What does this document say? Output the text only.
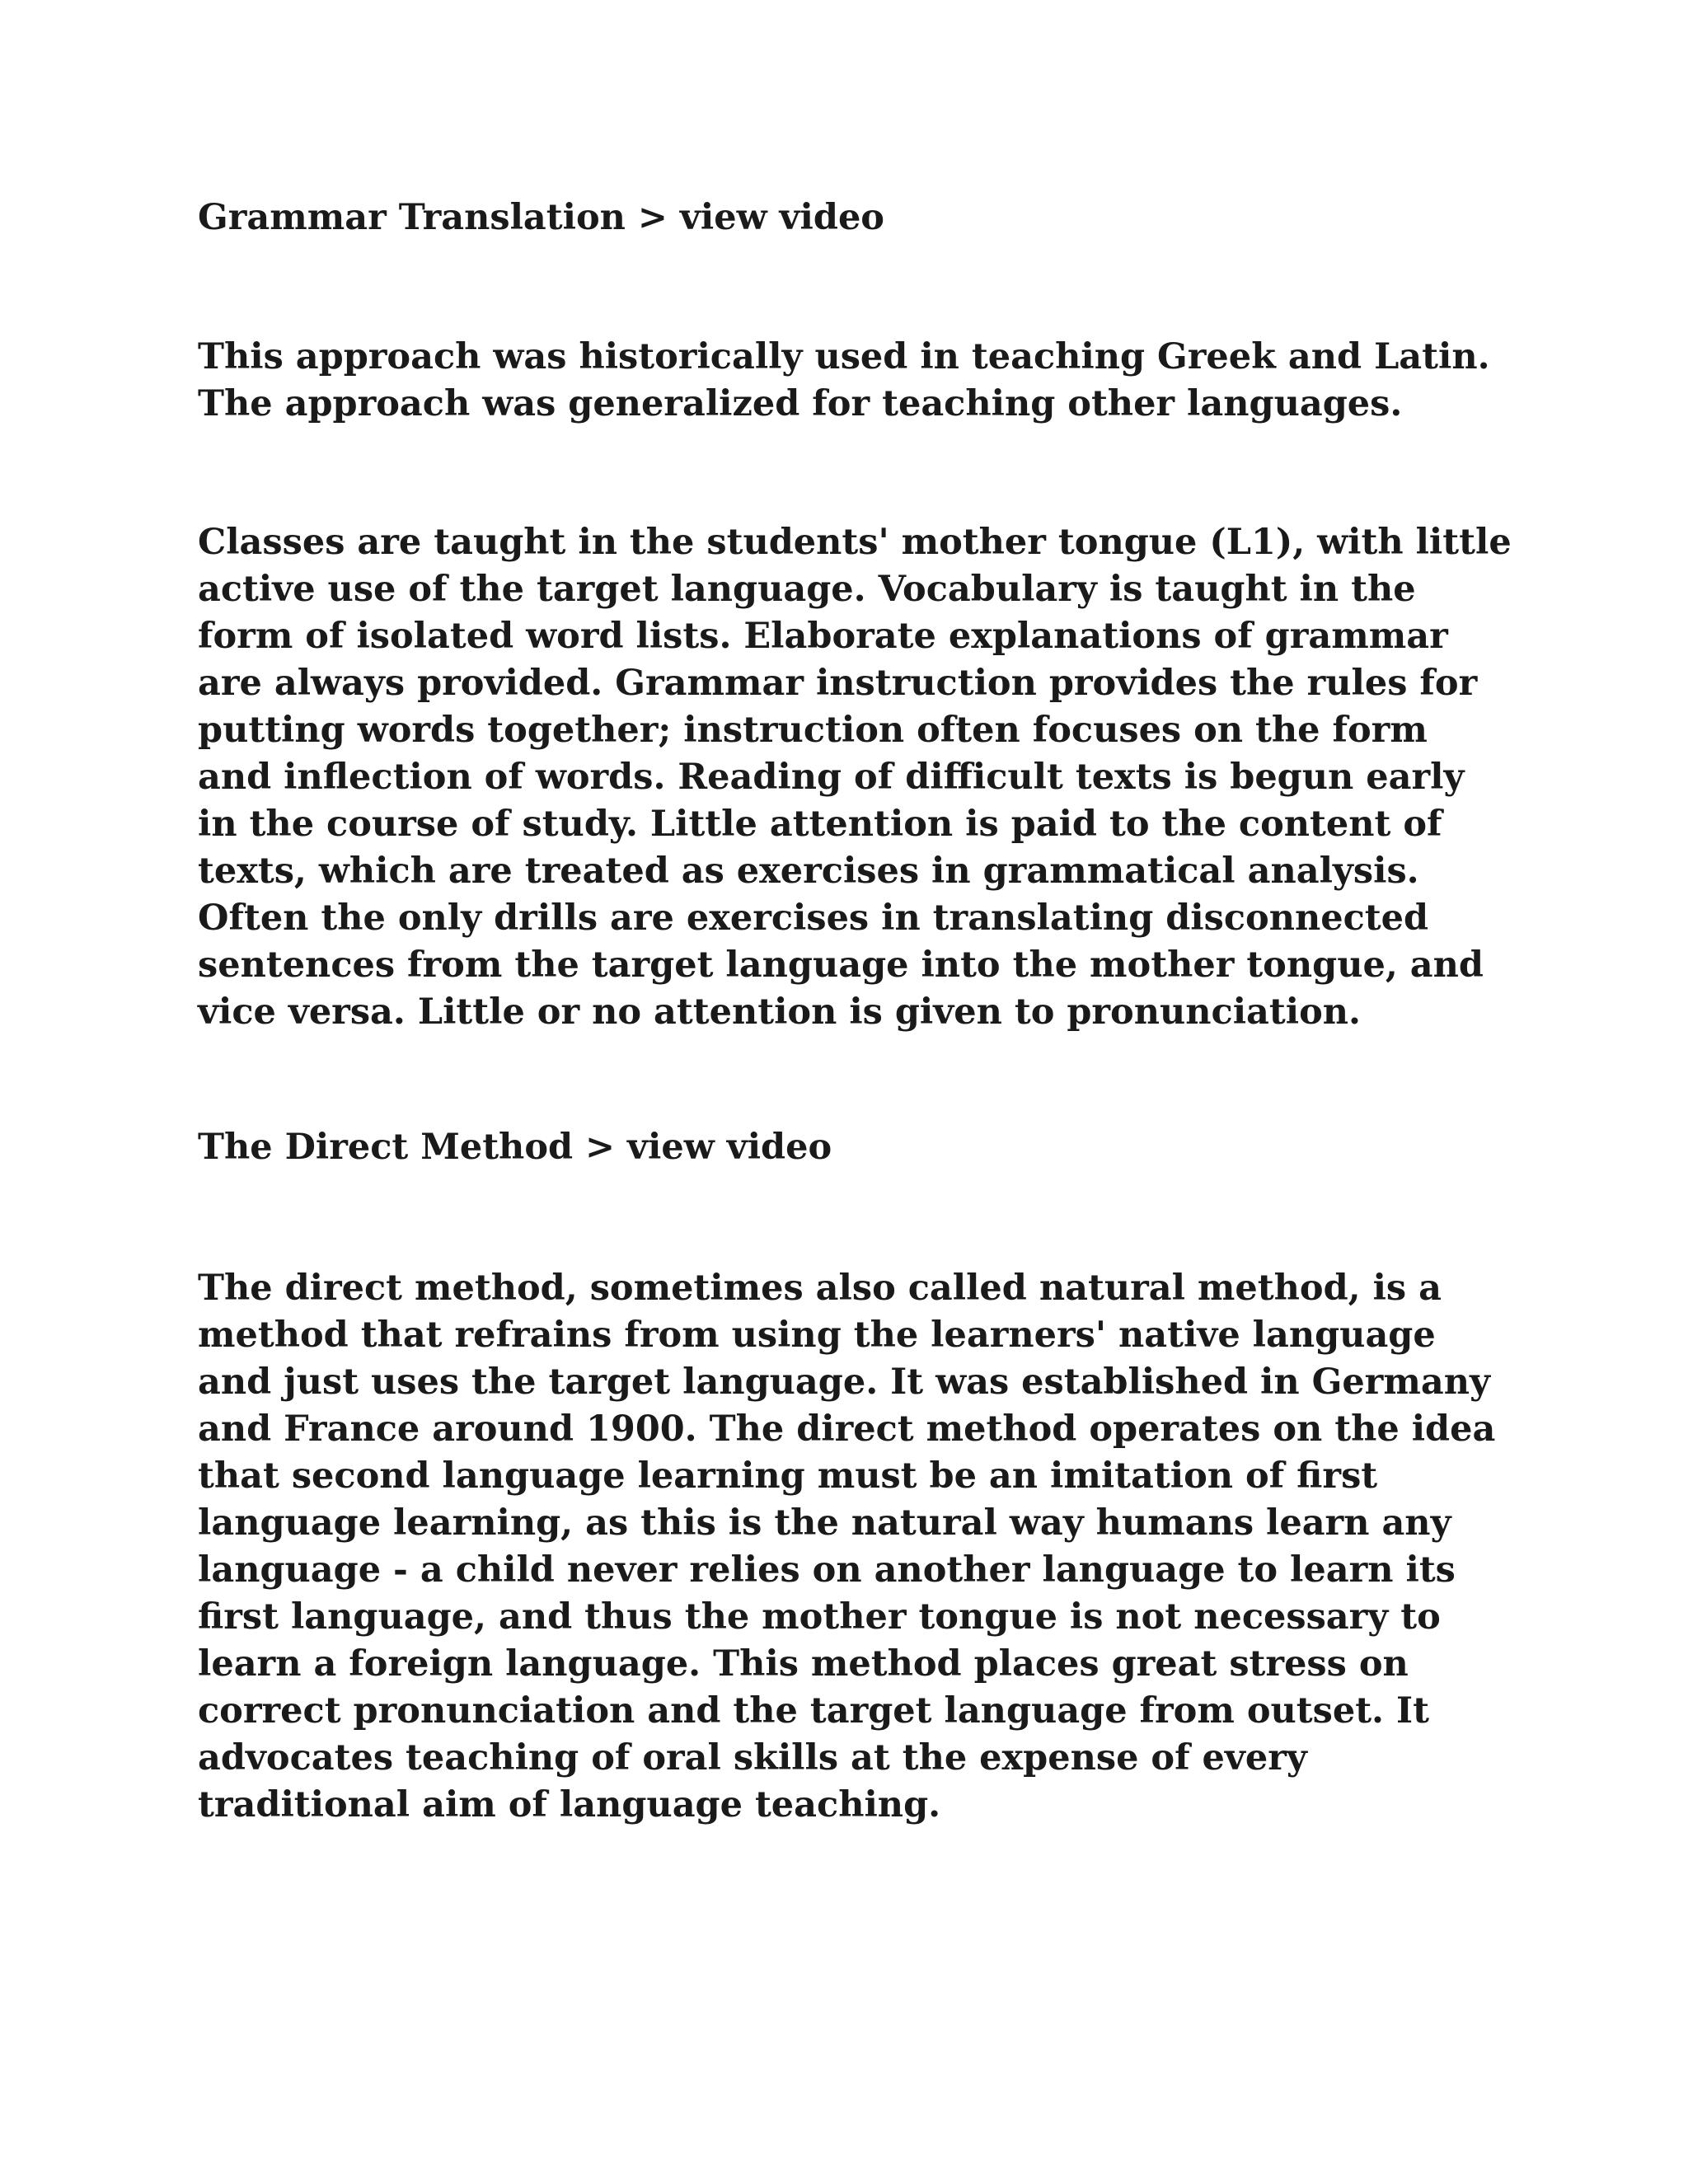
Grammar Translation > view video

This approach was historically used in teaching Greek and Latin.
The approach was generalized for teaching other languages.

Classes are taught in the students' mother tongue (L1), with little
active use of the target language. Vocabulary is taught in the
form of isolated word lists. Elaborate explanations of grammar
are always provided. Grammar instruction provides the rules for
putting words together; instruction often focuses on the form
and inflection of words. Reading of difficult texts is begun early
in the course of study. Little attention is paid to the content of
texts, which are treated as exercises in grammatical analysis.
Often the only drills are exercises in translating disconnected
sentences from the target language into the mother tongue, and
vice versa. Little or no attention is given to pronunciation.

The Direct Method > view video

The direct method, sometimes also called natural method, is a
method that refrains from using the learners' native language
and just uses the target language. It was established in Germany
and France around 1900. The direct method operates on the idea
that second language learning must be an imitation of first
language learning, as this is the natural way humans learn any
language - a child never relies on another language to learn its
first language, and thus the mother tongue is not necessary to
learn a foreign language. This method places great stress on
correct pronunciation and the target language from outset. It
advocates teaching of oral skills at the expense of every
traditional aim of language teaching.
